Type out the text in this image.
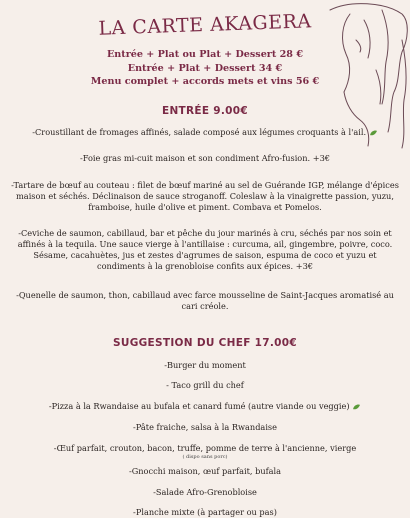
LA CARTE AKAGERA
Entrée + Plat ou Plat + Dessert 28 €
Entrée + Plat + Dessert 34 €
Menu complet + accords mets et vins 56 €
ENTRÉE 9.00€
-Croustillant de fromages affinés, salade composé aux légumes croquants à l'ail.
-Foie gras mi-cuit maison et son condiment Afro-fusion. +3€
-Tartare de bœuf au couteau : filet de bœuf mariné au sel de Guérande IGP, mélange d'épices maison et séchés. Déclinaison de sauce stroganoff. Coleslaw à la vinaigrette passion, yuzu, framboise, huile d'olive et piment. Combava et Pomelos.
-Ceviche de saumon, cabillaud, bar et pêche du jour marinés à cru, séchés par nos soin et affinés à la tequila. Une sauce vierge à l'antillaise : curcuma, ail, gingembre, poivre, coco. Sésame, cacahuètes, jus et zestes d'agrumes de saison, espuma de coco et yuzu et condiments à la grenobloise confits aux épices. +3€
-Quenelle de saumon, thon, cabillaud avec farce mousseline de Saint-Jacques aromatisé au cari créole.
SUGGESTION DU CHEF 17.00€
-Burger du moment
- Taco grill du chef
-Pizza à la Rwandaise au bufala et canard fumé (autre viande ou veggie)
-Pâte fraiche, salsa à la Rwandaise
-Œuf parfait, crouton, bacon, truffe, pomme de terre à l'ancienne, vierge
( dispo sans porc)
-Gnocchi maison, œuf parfait, bufala
-Salade Afro-Grenobloise
-Planche mixte (à partager ou pas)
